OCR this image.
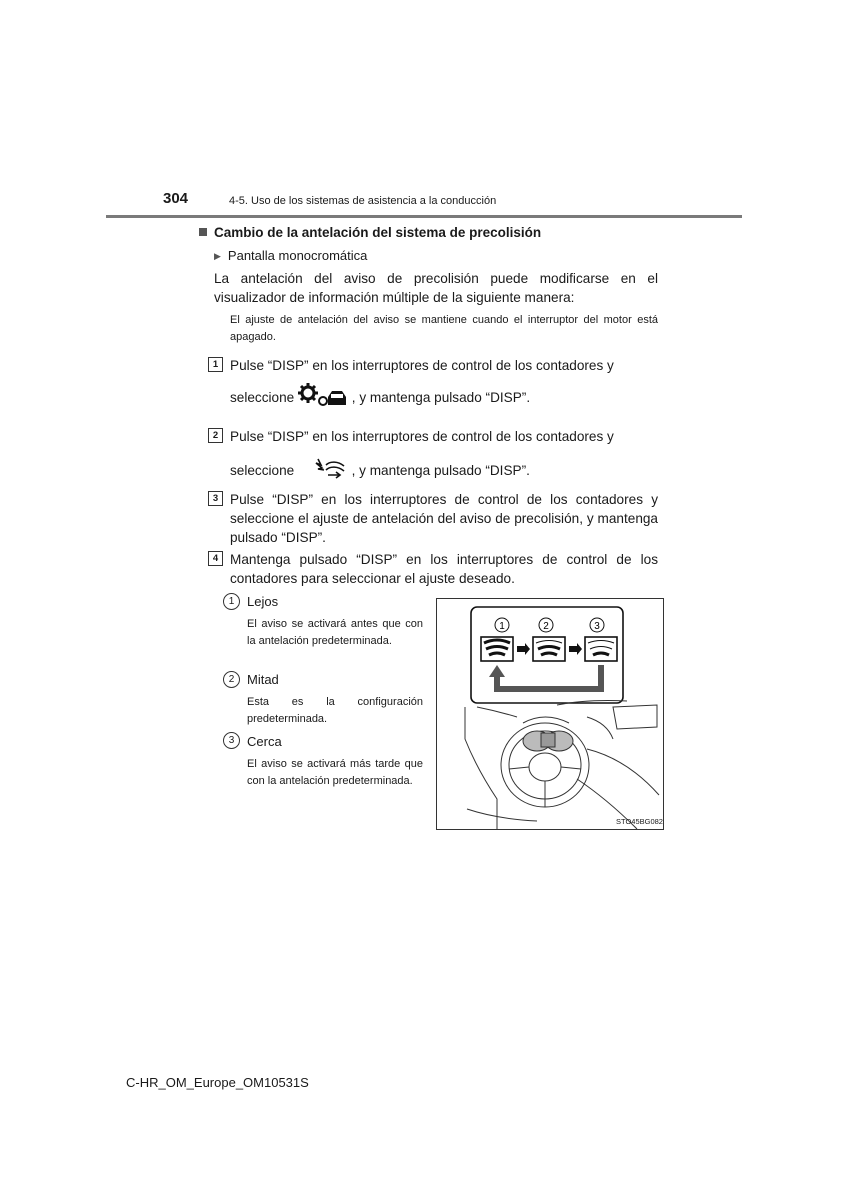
304	4-5. Uso de los sistemas de asistencia a la conducción
Cambio de la antelación del sistema de precolisión
▶ Pantalla monocromática
La antelación del aviso de precolisión puede modificarse en el visualizador de información múltiple de la siguiente manera:
El ajuste de antelación del aviso se mantiene cuando el interruptor del motor está apagado.
1 Pulse “DISP” en los interruptores de control de los contadores y
seleccione	, y mantenga pulsado “DISP”.
2 Pulse “DISP” en los interruptores de control de los contadores y
seleccione	, y mantenga pulsado “DISP”.
3 Pulse “DISP” en los interruptores de control de los contadores y seleccione el ajuste de antelación del aviso de precolisión, y mantenga pulsado “DISP”.
4 Mantenga pulsado “DISP” en los interruptores de control de los contadores para seleccionar el ajuste deseado.
1 Lejos
El aviso se activará antes que con la antelación predeterminada.
2 Mitad
Esta es la configuración predeterminada.
3 Cerca
El aviso se activará más tarde que con la antelación predeterminada.
1	2	3
STO45BG082
C-HR_OM_Europe_OM10531S
